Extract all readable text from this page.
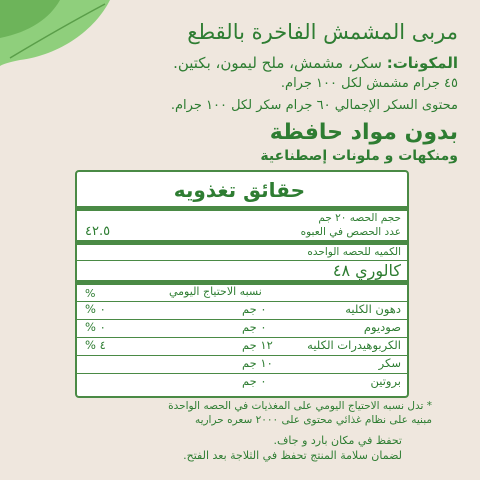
مربى المشمش الفاخرة بالقطع
المكونات: سكر، مشمش، ملح ليمون، بكتين.
٤٥ جرام مشمش لكل ١٠٠ جرام.
محتوى السكر الإجمالي ٦٠ جرام سكر لكل ١٠٠ جرام.
بدون مواد حافظة
ومنكهات و ملونات إصطناعية
حقائق تغذويه
حجم الحصه ٢٠ جم
عدد الحصص في العبوه
٤٢.٥
الكميه للحصه الواحده
كالوري ٤٨
%	نسبه الاحتياج اليومي
دهون الكليه
٠ جم
٠ %
صوديوم
٠ جم
٠ %
الكربوهيدرات الكليه
١٢ جم
٤ %
سكر
١٠ جم
بروتين
٠ جم
* تدل نسبه الاحتياج اليومي على المغذيات في الحصه الواحدة
مبنيه على نظام غذائي محتوى على ٢٠٠٠ سعره حراريه
تحفظ في مكان بارد و جاف.
لضمان سلامة المنتج تحفظ في الثلاجة بعد الفتح.
